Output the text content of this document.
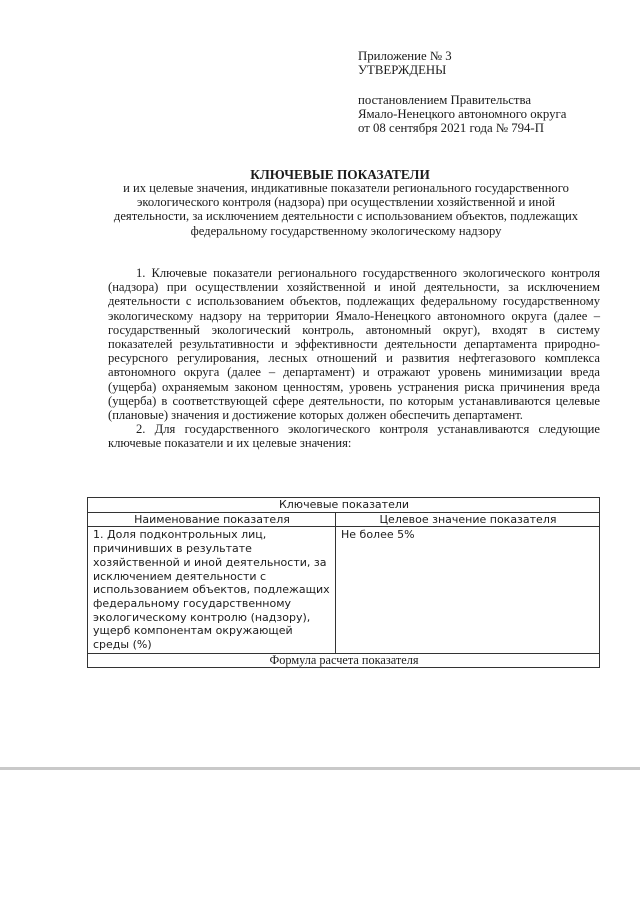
Приложение № 3
УТВЕРЖДЕНЫ
постановлением Правительства
Ямало-Ненецкого автономного округа
от 08 сентября 2021 года № 794-П
КЛЮЧЕВЫЕ ПОКАЗАТЕЛИ
и их целевые значения, индикативные показатели регионального государственного экологического контроля (надзора) при осуществлении хозяйственной и иной деятельности, за исключением деятельности с использованием объектов, подлежащих федеральному государственному экологическому надзору

1. Ключевые показатели регионального государственного экологического контроля (надзора) при осуществлении хозяйственной и иной деятельности, за исключением деятельности с использованием объектов, подлежащих федеральному государственному экологическому надзору на территории Ямало-Ненецкого автономного округа (далее – государственный экологический контроль, автономный округ), входят в систему показателей результативности и эффективности деятельности департамента природно-ресурсного регулирования, лесных отношений и развития нефтегазового комплекса автономного округа (далее – департамент) и отражают уровень минимизации вреда (ущерба) охраняемым законом ценностям, уровень устранения риска причинения вреда (ущерба) в соответствующей сфере деятельности, по которым устанавливаются целевые (плановые) значения и достижение которых должен обеспечить департамент.

2. Для государственного экологического контроля устанавливаются следующие ключевые показатели и их целевые значения:

Ключевые показатели	
Наименование показателя	Целевое значение показателя
1. Доля подконтрольных лиц, причинивших в результате хозяйственной и иной деятельности, за исключением деятельности с использованием объектов, подлежащих федеральному государственному экологическому контролю (надзору), ущерб компонентам окружающей среды (%)	Не более 5%
Формула расчета показателя	
